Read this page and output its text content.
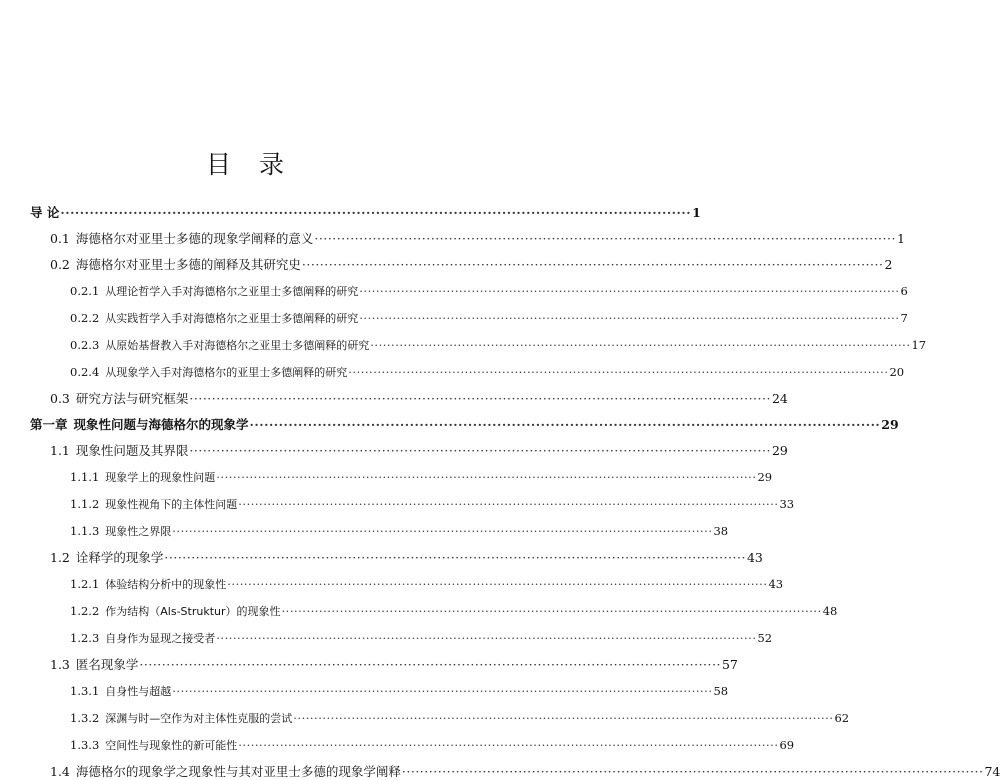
目 录
导 论 ·····	1
0.1 海德格尔对亚里士多德的现象学阐释的意义 ·····	1
0.2 海德格尔对亚里士多德的阐释及其研究史 ·····	2
0.2.1 从理论哲学入手对海德格尔之亚里士多德阐释的研究 ·····	6
0.2.2 从实践哲学入手对海德格尔之亚里士多德阐释的研究 ·····	7
0.2.3 从原始基督教入手对海德格尔之亚里士多德阐释的研究 ·····	17
0.2.4 从现象学入手对海德格尔的亚里士多德阐释的研究 ·····	20
0.3 研究方法与研究框架 ·····	24
第一章 现象性问题与海德格尔的现象学 ·····	29
1.1 现象性问题及其界限 ·····	29
1.1.1 现象学上的现象性问题 ·····	29
1.1.2 现象性视角下的主体性问题 ·····	33
1.1.3 现象性之界限 ·····	38
1.2 诠释学的现象学 ·····	43
1.2.1 体验结构分析中的现象性 ·····	43
1.2.2 作为结构（Als-Struktur）的现象性 ·····	48
1.2.3 自身作为显现之接受者 ·····	52
1.3 匿名现象学 ·····	57
1.3.1 自身性与超越 ·····	58
1.3.2 深渊与时—空作为对主体性克服的尝试 ·····	62
1.3.3 空间性与现象性的新可能性 ·····	69
1.4 海德格尔的现象学之现象性与其对亚里士多德的现象学阐释 ·····	74
